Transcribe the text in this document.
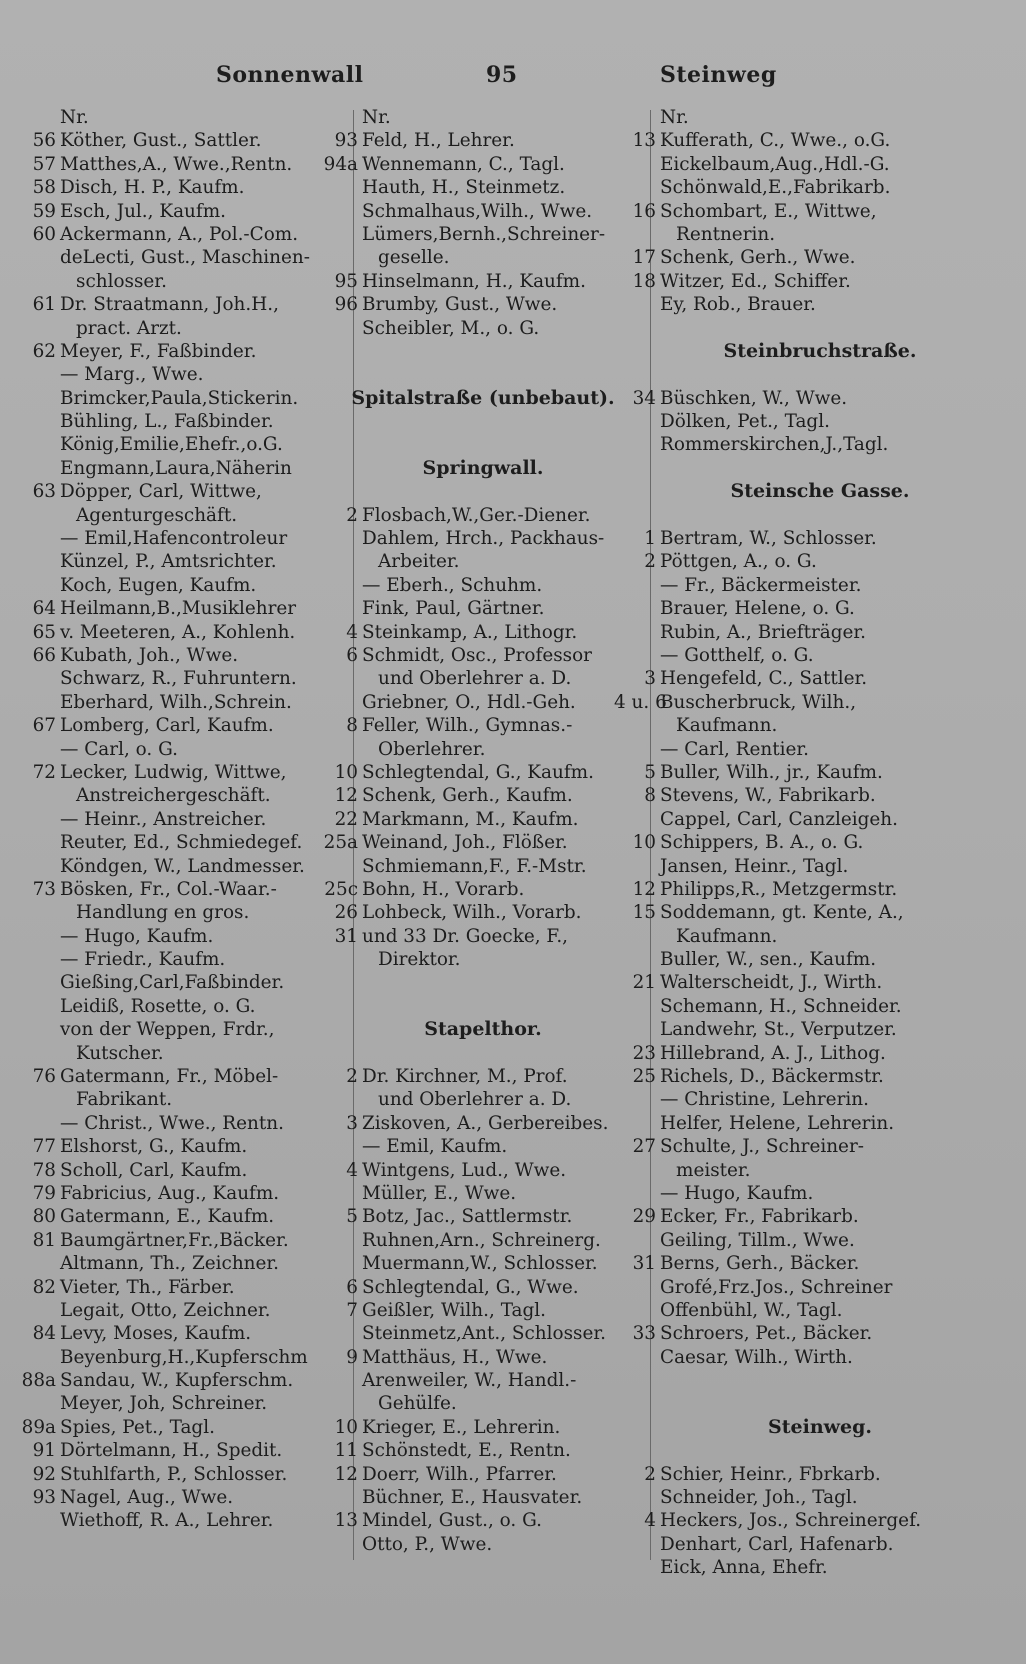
Sonnenwall	95	Steinweg
Nr.
56 Köther, Gust., Sattler.
57 Matthes,A., Wwe.,Rentn.
58 Disch, H. P., Kaufm.
59 Esch, Jul., Kaufm.
60 Ackermann, A., Pol.-Com.
deLecti, Gust., Maschinen-
schlosser.
61 Dr. Straatmann, Joh.H.,
pract. Arzt.
62 Meyer, F., Faßbinder.
— Marg., Wwe.
Brimcker,Paula,Stickerin.
Bühling, L., Faßbinder.
König,Emilie,Ehefr.,o.G.
Engmann,Laura,Näherin
63 Döpper, Carl, Wittwe,
Agenturgeschäft.
— Emil,Hafencontroleur
Künzel, P., Amtsrichter.
Koch, Eugen, Kaufm.
64 Heilmann,B.,Musiklehrer
65 v. Meeteren, A., Kohlenh.
66 Kubath, Joh., Wwe.
Schwarz, R., Fuhruntern.
Eberhard, Wilh.,Schrein.
67 Lomberg, Carl, Kaufm.
— Carl, o. G.
72 Lecker, Ludwig, Wittwe,
Anstreichergeschäft.
— Heinr., Anstreicher.
Reuter, Ed., Schmiedegef.
Köndgen, W., Landmesser.
73 Bösken, Fr., Col.-Waar.-
Handlung en gros.
— Hugo, Kaufm.
— Friedr., Kaufm.
Gießing,Carl,Faßbinder.
Leidiß, Rosette, o. G.
von der Weppen, Frdr.,
Kutscher.
76 Gatermann, Fr., Möbel-
Fabrikant.
— Christ., Wwe., Rentn.
77 Elshorst, G., Kaufm.
78 Scholl, Carl, Kaufm.
79 Fabricius, Aug., Kaufm.
80 Gatermann, E., Kaufm.
81 Baumgärtner,Fr.,Bäcker.
Altmann, Th., Zeichner.
82 Vieter, Th., Färber.
Legait, Otto, Zeichner.
84 Levy, Moses, Kaufm.
Beyenburg,H.,Kupferschm
88a Sandau, W., Kupferschm.
Meyer, Joh, Schreiner.
89a Spies, Pet., Tagl.
91 Dörtelmann, H., Spedit.
92 Stuhlfarth, P., Schlosser.
93 Nagel, Aug., Wwe.
Wiethoff, R. A., Lehrer.
Nr.
93 Feld, H., Lehrer.
94a Wennemann, C., Tagl.
Hauth, H., Steinmetz.
Schmalhaus,Wilh., Wwe.
Lümers,Bernh.,Schreiner-
geselle.
95 Hinselmann, H., Kaufm.
96 Brumby, Gust., Wwe.
Scheibler, M., o. G.
Spitalstraße (unbebaut).
Springwall.
2 Flosbach,W.,Ger.-Diener.
Dahlem, Hrch., Packhaus-
Arbeiter.
— Eberh., Schuhm.
Fink, Paul, Gärtner.
4 Steinkamp, A., Lithogr.
6 Schmidt, Osc., Professor
und Oberlehrer a. D.
Griebner, O., Hdl.-Geh.
8 Feller, Wilh., Gymnas.-
Oberlehrer.
10 Schlegtendal, G., Kaufm.
12 Schenk, Gerh., Kaufm.
22 Markmann, M., Kaufm.
25a Weinand, Joh., Flößer.
Schmiemann,F., F.-Mstr.
25c Bohn, H., Vorarb.
26 Lohbeck, Wilh., Vorarb.
31 und 33 Dr. Goecke, F.,
Direktor.
Stapelthor.
2 Dr. Kirchner, M., Prof.
und Oberlehrer a. D.
3 Ziskoven, A., Gerbereibes.
— Emil, Kaufm.
4 Wintgens, Lud., Wwe.
Müller, E., Wwe.
5 Botz, Jac., Sattlermstr.
Ruhnen,Arn., Schreinerg.
Muermann,W., Schlosser.
6 Schlegtendal, G., Wwe.
7 Geißler, Wilh., Tagl.
Steinmetz,Ant., Schlosser.
9 Matthäus, H., Wwe.
Arenweiler, W., Handl.-
Gehülfe.
10 Krieger, E., Lehrerin.
11 Schönstedt, E., Rentn.
12 Doerr, Wilh., Pfarrer.
Büchner, E., Hausvater.
13 Mindel, Gust., o. G.
Otto, P., Wwe.
Nr.
13 Kufferath, C., Wwe., o.G.
Eickelbaum,Aug.,Hdl.-G.
Schönwald,E.,Fabrikarb.
16 Schombart, E., Wittwe,
Rentnerin.
17 Schenk, Gerh., Wwe.
18 Witzer, Ed., Schiffer.
Ey, Rob., Brauer.
Steinbruchstraße.
34 Büschken, W., Wwe.
Dölken, Pet., Tagl.
Rommerskirchen,J.,Tagl.
Steinsche Gasse.
1 Bertram, W., Schlosser.
2 Pöttgen, A., o. G.
— Fr., Bäckermeister.
Brauer, Helene, o. G.
Rubin, A., Briefträger.
— Gotthelf, o. G.
3 Hengefeld, C., Sattler.
4 u. 6
Buscherbruck, Wilh.,
Kaufmann.
— Carl, Rentier.
5 Buller, Wilh., jr., Kaufm.
8 Stevens, W., Fabrikarb.
Cappel, Carl, Canzleigeh.
10 Schippers, B. A., o. G.
Jansen, Heinr., Tagl.
12 Philipps,R., Metzgermstr.
15 Soddemann, gt. Kente, A.,
Kaufmann.
Buller, W., sen., Kaufm.
21 Walterscheidt, J., Wirth.
Schemann, H., Schneider.
Landwehr, St., Verputzer.
23 Hillebrand, A. J., Lithog.
25 Richels, D., Bäckermstr.
— Christine, Lehrerin.
Helfer, Helene, Lehrerin.
27 Schulte, J., Schreiner-
meister.
— Hugo, Kaufm.
29 Ecker, Fr., Fabrikarb.
Geiling, Tillm., Wwe.
31 Berns, Gerh., Bäcker.
Grofé,Frz.Jos., Schreiner
Offenbühl, W., Tagl.
33 Schroers, Pet., Bäcker.
Caesar, Wilh., Wirth.
Steinweg.
2 Schier, Heinr., Fbrkarb.
Schneider, Joh., Tagl.
4 Heckers, Jos., Schreinergef.
Denhart, Carl, Hafenarb.
Eick, Anna, Ehefr.
